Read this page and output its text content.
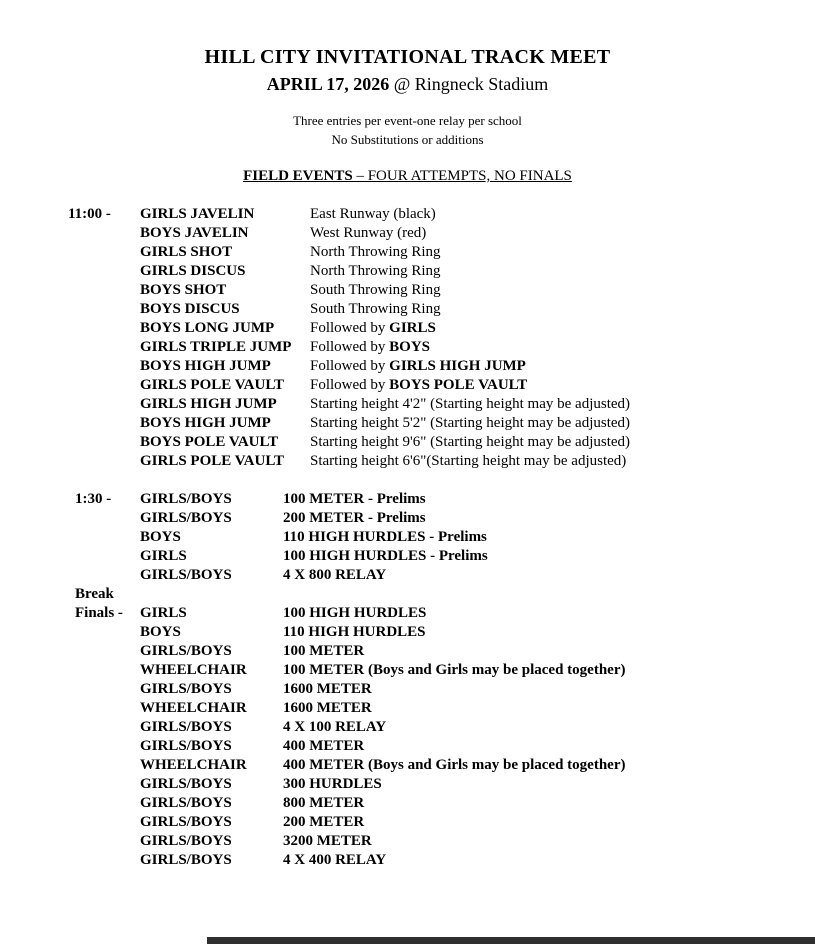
HILL CITY INVITATIONAL TRACK MEET
APRIL 17, 2026 @ Ringneck Stadium
Three entries per event-one relay per school
No Substitutions or additions
FIELD EVENTS – FOUR ATTEMPTS, NO FINALS
11:00 - GIRLS JAVELIN	East Runway (black)
BOYS JAVELIN	West Runway (red)
GIRLS SHOT	North Throwing Ring
GIRLS DISCUS	North Throwing Ring
BOYS SHOT	South Throwing Ring
BOYS DISCUS	South Throwing Ring
BOYS LONG JUMP	Followed by GIRLS
GIRLS TRIPLE JUMP	Followed by BOYS
BOYS HIGH JUMP	Followed by GIRLS HIGH JUMP
GIRLS POLE VAULT	Followed by BOYS POLE VAULT
GIRLS HIGH JUMP	Starting height 4'2" (Starting height may be adjusted)
BOYS HIGH JUMP	Starting height 5'2" (Starting height may be adjusted)
BOYS POLE VAULT	Starting height 9'6" (Starting height may be adjusted)
GIRLS POLE VAULT	Starting height 6'6"(Starting height may be adjusted)
1:30 - GIRLS/BOYS	100 METER - Prelims
GIRLS/BOYS	200 METER - Prelims
BOYS	110 HIGH HURDLES - Prelims
GIRLS	100 HIGH HURDLES - Prelims
GIRLS/BOYS	4 X 800 RELAY
Break
Finals - GIRLS	100 HIGH HURDLES
BOYS	110 HIGH HURDLES
GIRLS/BOYS	100 METER
WHEELCHAIR	100 METER (Boys and Girls may be placed together)
GIRLS/BOYS	1600 METER
WHEELCHAIR	1600 METER
GIRLS/BOYS	4 X 100 RELAY
GIRLS/BOYS	400 METER
WHEELCHAIR	400 METER (Boys and Girls may be placed together)
GIRLS/BOYS	300 HURDLES
GIRLS/BOYS	800 METER
GIRLS/BOYS	200 METER
GIRLS/BOYS	3200 METER
GIRLS/BOYS	4 X 400 RELAY
